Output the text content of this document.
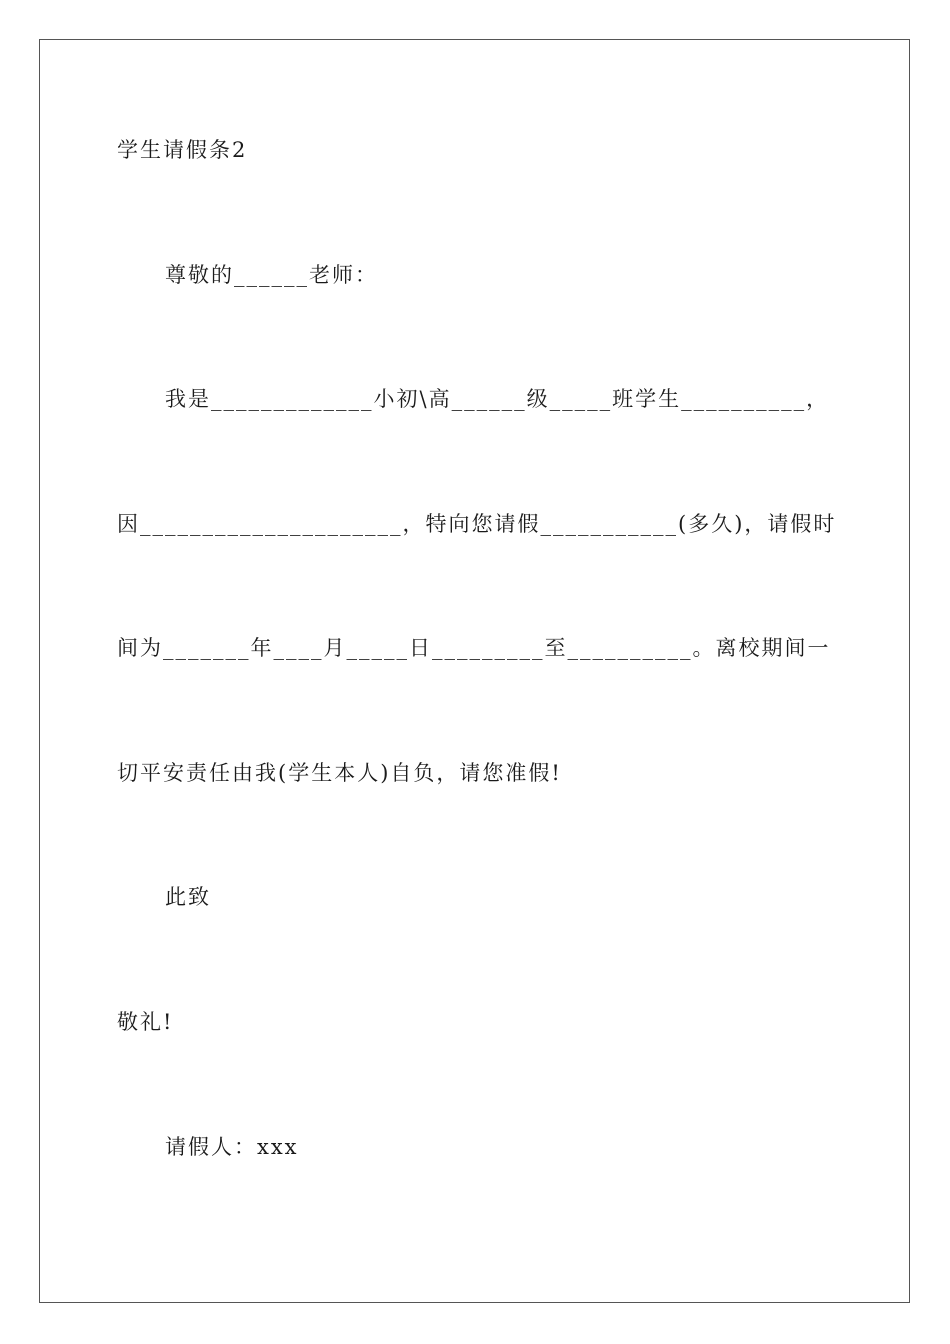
学生请假条2
尊敬的______老师：
我是_____________小初\高______级_____班学生__________，
因_____________________，特向您请假___________(多久)，请假时
间为_______年____月_____日_________至__________。离校期间一
切平安责任由我(学生本人)自负，请您准假!
此致
敬礼!
请假人：xxx
